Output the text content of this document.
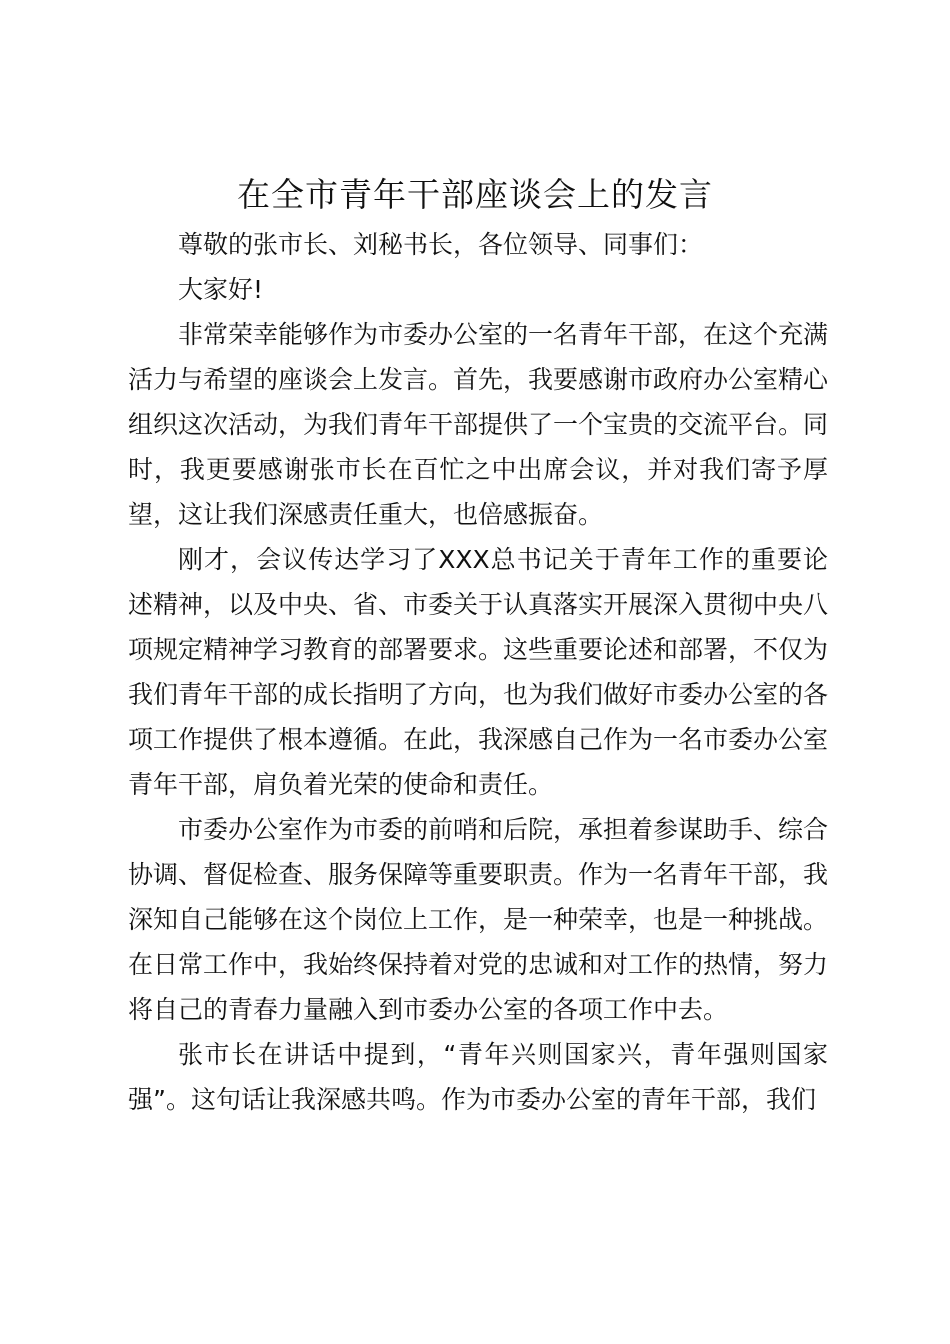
在全市青年干部座谈会上的发言

尊敬的张市长、刘秘书长，各位领导、同事们：

大家好!

非常荣幸能够作为市委办公室的一名青年干部，在这个充满活力与希望的座谈会上发言。首先，我要感谢市政府办公室精心组织这次活动，为我们青年干部提供了一个宝贵的交流平台。同时，我更要感谢张市长在百忙之中出席会议，并对我们寄予厚望，这让我们深感责任重大，也倍感振奋。

刚才，会议传达学习了XXX总书记关于青年工作的重要论述精神，以及中央、省、市委关于认真落实开展深入贯彻中央八项规定精神学习教育的部署要求。这些重要论述和部署，不仅为我们青年干部的成长指明了方向，也为我们做好市委办公室的各项工作提供了根本遵循。在此，我深感自己作为一名市委办公室青年干部，肩负着光荣的使命和责任。

市委办公室作为市委的前哨和后院，承担着参谋助手、综合协调、督促检查、服务保障等重要职责。作为一名青年干部，我深知自己能够在这个岗位上工作，是一种荣幸，也是一种挑战。在日常工作中，我始终保持着对党的忠诚和对工作的热情，努力将自己的青春力量融入到市委办公室的各项工作中去。

张市长在讲话中提到，“青年兴则国家兴，青年强则国家强”。这句话让我深感共鸣。作为市委办公室的青年干部，我们
